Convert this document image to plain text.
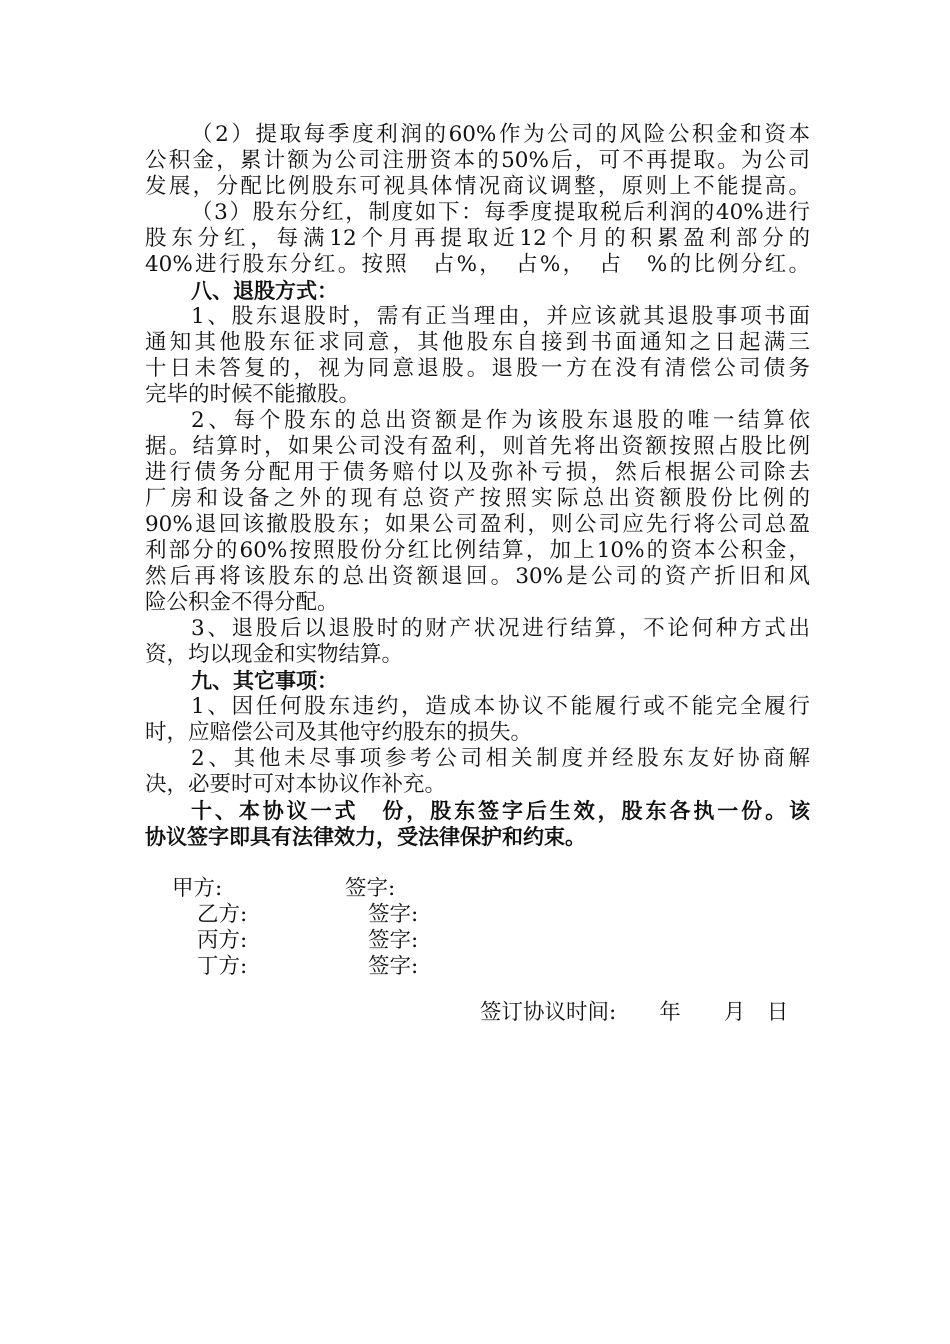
（2）提取每季度利润的60%作为公司的风险公积金和资本
公积金，累计额为公司注册资本的50%后，可不再提取。为公司
发展，分配比例股东可视具体情况商议调整，原则上不能提高。
（3）股东分红，制度如下：每季度提取税后利润的40%进行
股东分红，每满12个月再提取近12个月的积累盈利部分的
40%进行股东分红。按照　占%，　占%，　占　%的比例分红。
八、退股方式：
1、股东退股时，需有正当理由，并应该就其退股事项书面
通知其他股东征求同意，其他股东自接到书面通知之日起满三
十日未答复的，视为同意退股。退股一方在没有清偿公司债务
完毕的时候不能撤股。
2、每个股东的总出资额是作为该股东退股的唯一结算依
据。结算时，如果公司没有盈利，则首先将出资额按照占股比例
进行债务分配用于债务赔付以及弥补亏损，然后根据公司除去
厂房和设备之外的现有总资产按照实际总出资额股份比例的
90%退回该撤股股东；如果公司盈利，则公司应先行将公司总盈
利部分的60%按照股份分红比例结算，加上10%的资本公积金，
然后再将该股东的总出资额退回。30%是公司的资产折旧和风
险公积金不得分配。
3、退股后以退股时的财产状况进行结算，不论何种方式出
资，均以现金和实物结算。
九、其它事项：
1、因任何股东违约，造成本协议不能履行或不能完全履行
时，应赔偿公司及其他守约股东的损失。
2、其他未尽事项参考公司相关制度并经股东友好协商解
决，必要时可对本协议作补充。
十、本协议一式　份，股东签字后生效，股东各执一份。该
协议签字即具有法律效力，受法律保护和约束。
甲方:	签字:
乙方:	签字:
丙方:	签字:
丁方:	签字:
签订协议时间:　　年　　月　日
